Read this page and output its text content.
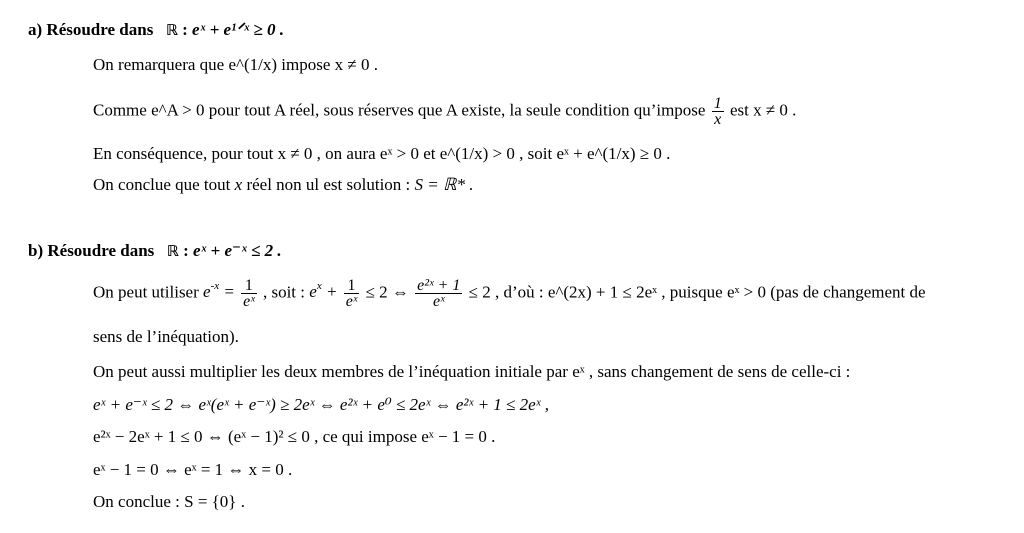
a) Résoudre dans ℝ : eˣ + e¹ᐟˣ ≥ 0 .
On remarquera que e^(1/x) impose x ≠ 0 .
Comme e^A > 0 pour tout A réel, sous réserves que A existe, la seule condition qu’impose $\frac{1}{x}$ est x ≠ 0 .
En conséquence, pour tout x ≠ 0 , on aura eˣ > 0 et e^(1/x) > 0 , soit eˣ + e^(1/x) ≥ 0 .
On conclue que tout x réel non ul est solution : S = ℝ* .
b) Résoudre dans ℝ : eˣ + e⁻ˣ ≤ 2 .
On peut utiliser $e^{-x} = \frac{1}{\text{eˣ}}$ , soit : $e^x + \frac{1}{\text{eˣ}} \le 2$ ⇔ $\frac{\text{e²ˣ + 1}}{\text{eˣ}} \le 2$ , d’où : e^(2x) + 1 ≤ 2eˣ , puisque eˣ > 0 (pas de changement de
sens de l’inéquation).
On peut aussi multiplier les deux membres de l’inéquation initiale par eˣ , sans changement de sens de celle-ci :
eˣ + e⁻ˣ ≤ 2 ⇔ eˣ(eˣ + e⁻ˣ) ≥ 2eˣ ⇔ e²ˣ + e⁰ ≤ 2eˣ ⇔ e²ˣ + 1 ≤ 2eˣ ,
e²ˣ − 2eˣ + 1 ≤ 0 ⇔ (eˣ − 1)² ≤ 0 , ce qui impose eˣ − 1 = 0 .
eˣ − 1 = 0 ⇔ eˣ = 1 ⇔ x = 0 .
On conclue : S = {0} .
